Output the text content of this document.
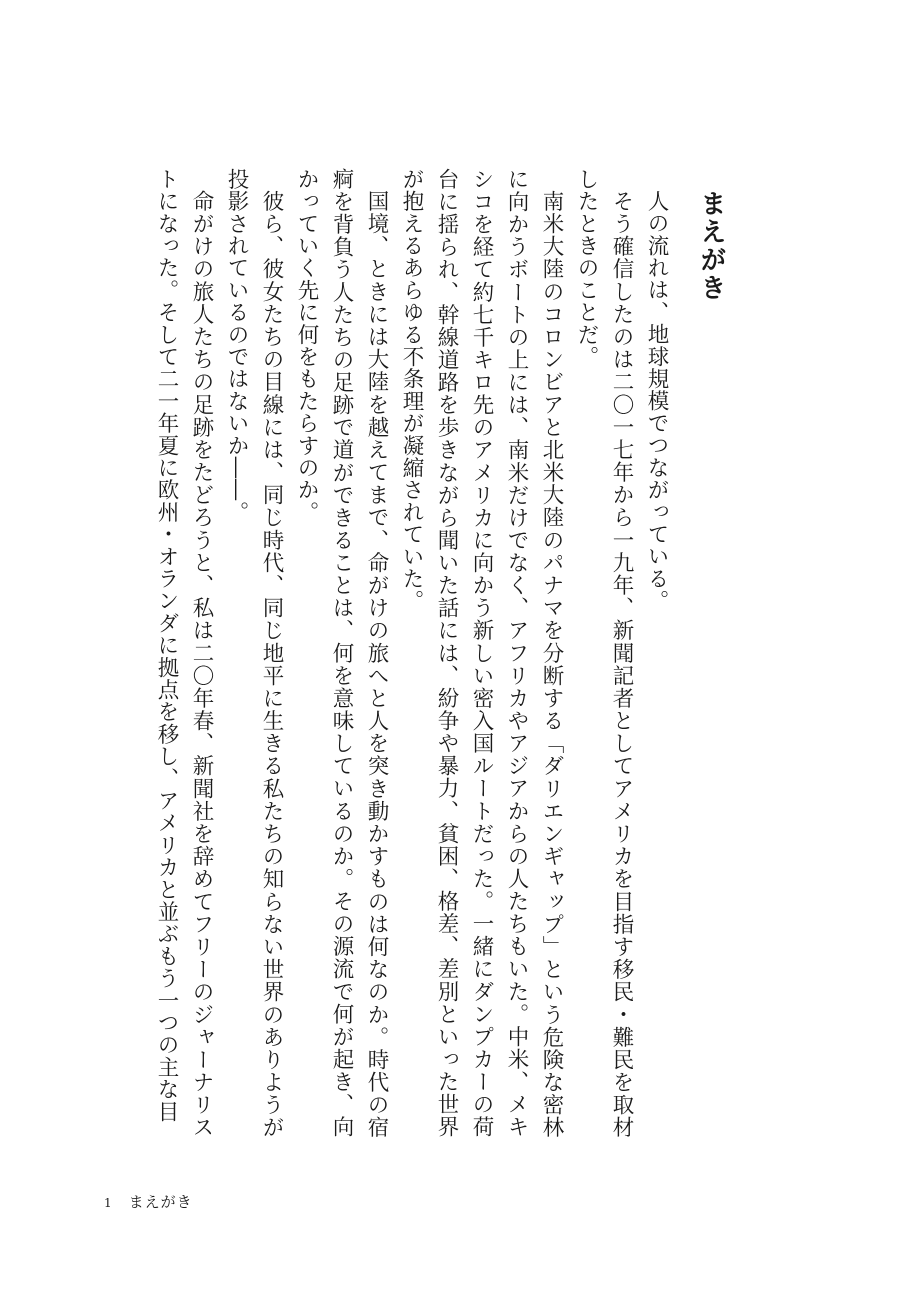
まえがき

人の流れは、地球規模でつながっている。

そう確信したのは二〇一七年から一九年、新聞記者としてアメリカを目指す移民・難民を取材したときのことだ。

南米大陸のコロンビアと北米大陸のパナマを分断する「ダリエンギャップ」という危険な密林に向かうボートの上には、南米だけでなく、アフリカやアジアからの人たちもいた。中米、メキシコを経て約七千キロ先のアメリカに向かう新しい密入国ルートだった。一緒にダンプカーの荷台に揺られ、幹線道路を歩きながら聞いた話には、紛争や暴力、貧困、格差、差別といった世界が抱えるあらゆる不条理が凝縮されていた。

国境、ときには大陸を越えてまで、命がけの旅へと人を突き動かすものは何なのか。時代の宿痾を背負う人たちの足跡で道ができることは、何を意味しているのか。その源流で何が起き、向かっていく先に何をもたらすのか。

彼ら、彼女たちの目線には、同じ時代、同じ地平に生きる私たちの知らない世界のありようが投影されているのではないか――。

命がけの旅人たちの足跡をたどろうと、私は二〇年春、新聞社を辞めてフリーのジャーナリストになった。そして二一年夏に欧州・オランダに拠点を移し、アメリカと並ぶもう一つの主な目

1 まえがき
